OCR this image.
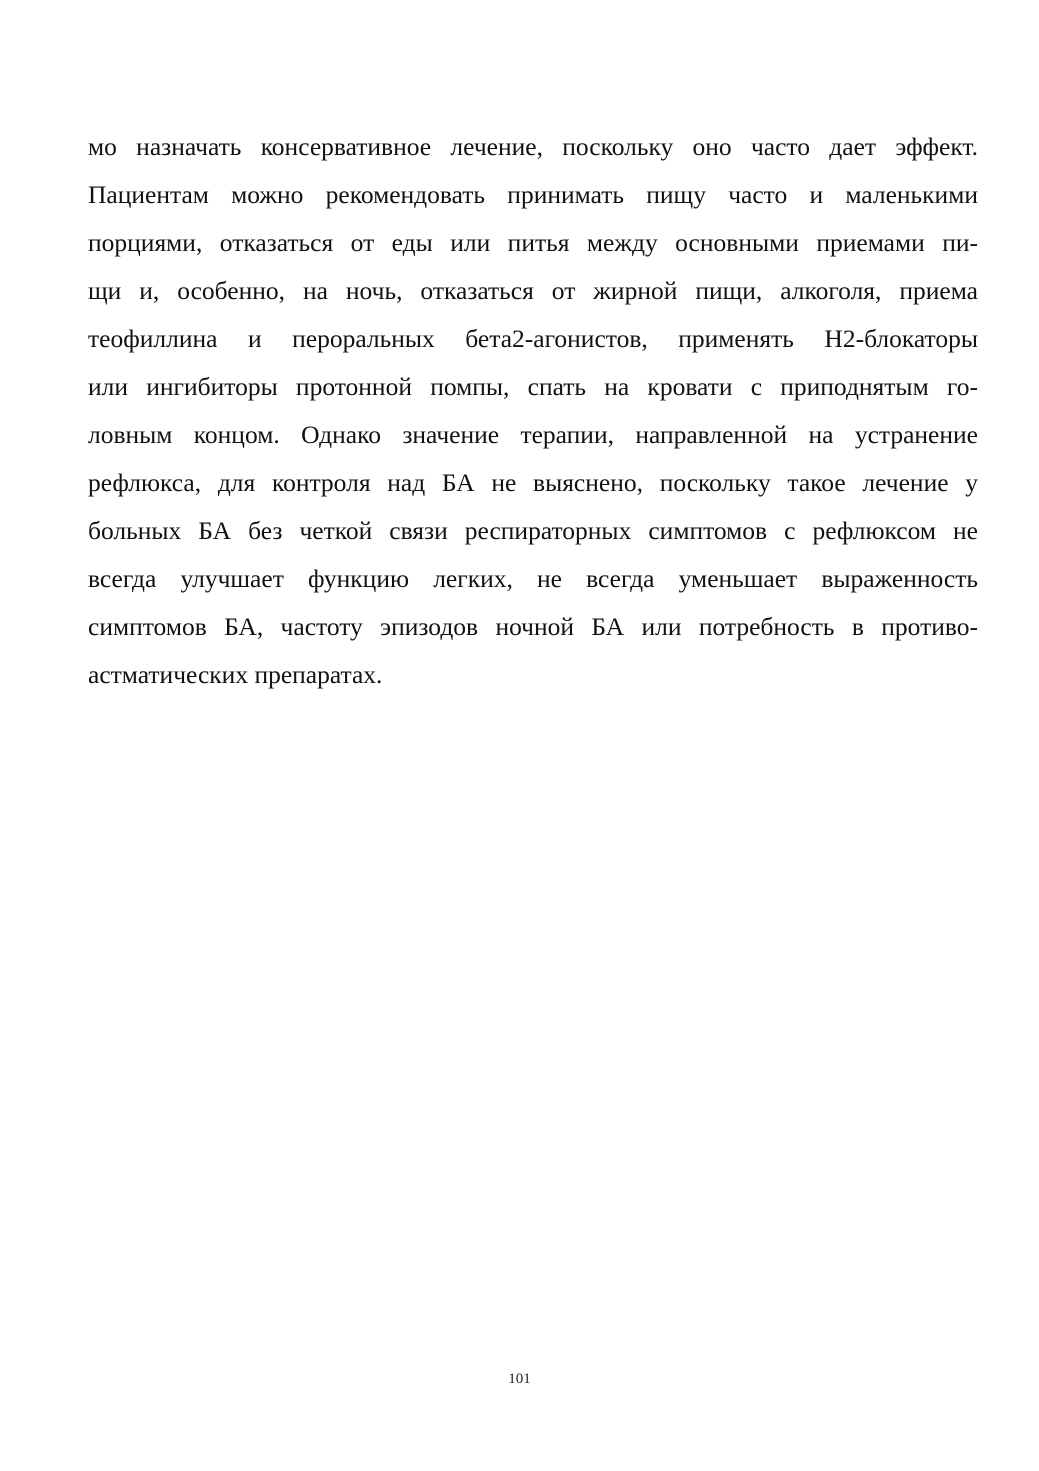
мо назначать консервативное лечение, поскольку оно часто дает эффект.
Пациентам можно рекомендовать принимать пищу часто и маленькими
порциями, отказаться от еды или питья между основными приемами пи-
щи и, особенно, на ночь, отказаться от жирной пищи, алкоголя, приема
теофиллина и пероральных бета2-агонистов, применять Н2-блокаторы
или ингибиторы протонной помпы, спать на кровати с приподнятым го-
ловным концом. Однако значение терапии, направленной на устранение
рефлюкса, для контроля над БА не выяснено, поскольку такое лечение у
больных БА без четкой связи респираторных симптомов с рефлюксом не
всегда улучшает функцию легких, не всегда уменьшает выраженность
симптомов БА, частоту эпизодов ночной БА или потребность в противо-
астматических препаратах.
101
